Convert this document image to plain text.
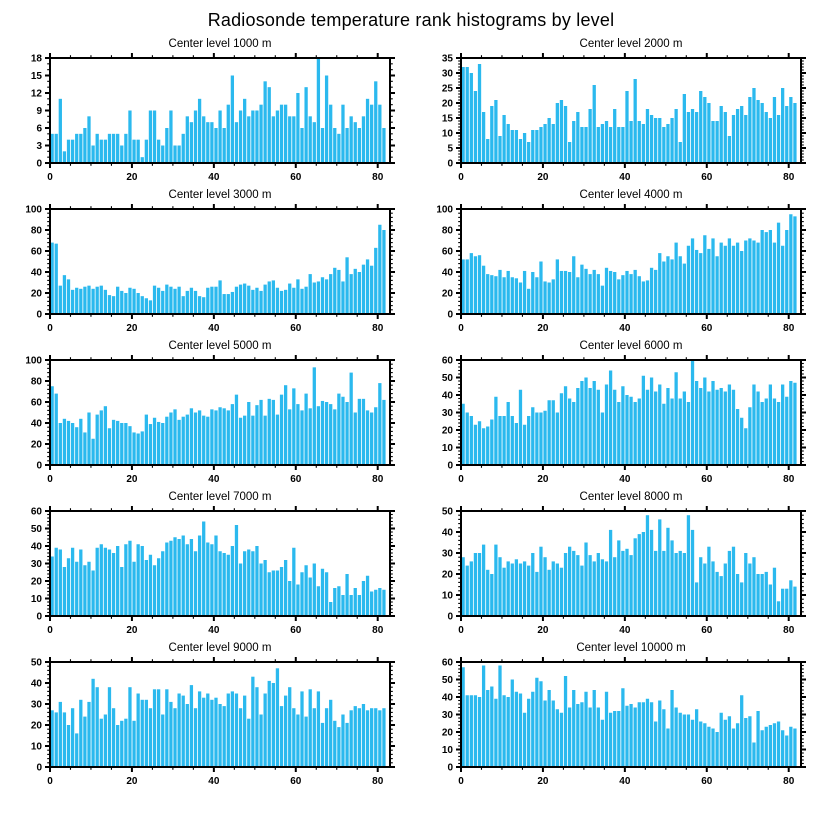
Radiosonde temperature rank histograms by level
Center level 1000 m
0
3
6
9
12
15
18
0	20	40	60	80
Center level 2000 m
0
5
10
15
20
25
30
35
0	20	40	60	80
Center level 3000 m
0
20
40
60
80
100
0	20	40	60	80
Center level 4000 m
0
20
40
60
80
100
0	20	40	60	80
Center level 5000 m
0
20
40
60
80
100
0	20	40	60	80
Center level 6000 m
0
10
20
30
40
50
60
0	20	40	60	80
Center level 7000 m
0
10
20
30
40
50
60
0	20	40	60	80
Center level 8000 m
0
10
20
30
40
50
0	20	40	60	80
Center level 9000 m
0
10
20
30
40
50
0	20	40	60	80
Center level 10000 m
0
10
20
30
40
50
60
0	20	40	60	80
